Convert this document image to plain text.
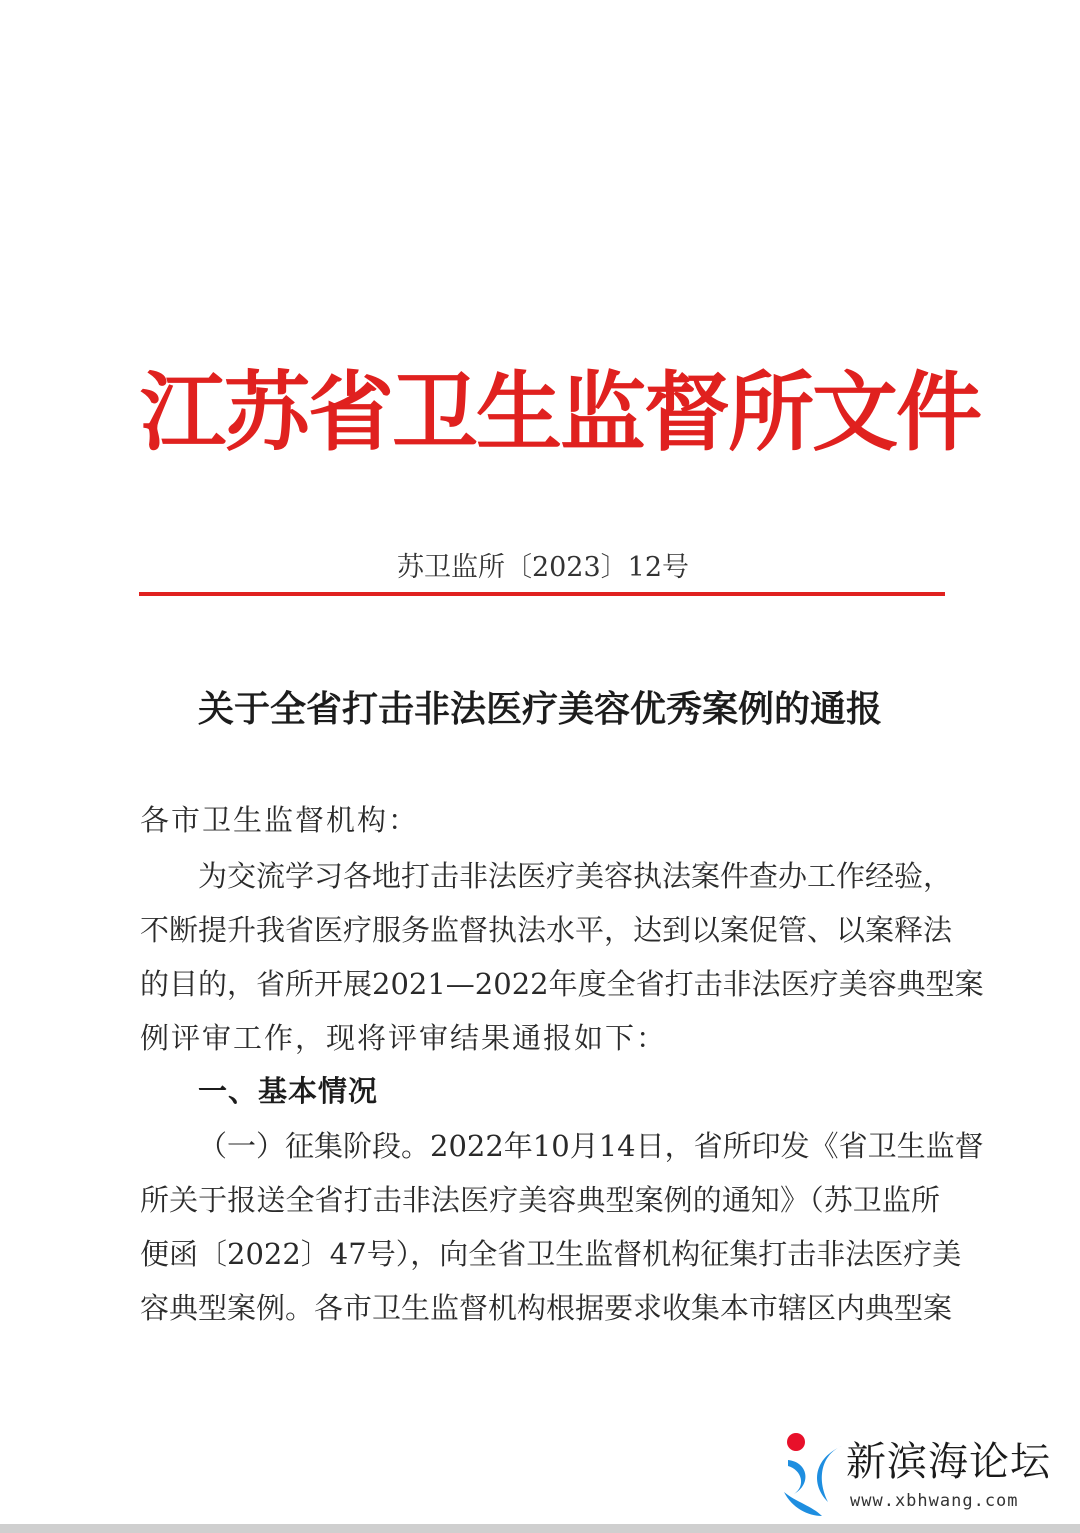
江苏省卫生监督所文件
苏卫监所〔2023〕12号
关于全省打击非法医疗美容优秀案例的通报
各市卫生监督机构：
为交流学习各地打击非法医疗美容执法案件查办工作经验，
不断提升我省医疗服务监督执法水平，达到以案促管、以案释法
的目的，省所开展2021—2022年度全省打击非法医疗美容典型案
例评审工作，现将评审结果通报如下：
一、基本情况
（一）征集阶段。2022年10月14日，省所印发《省卫生监督
所关于报送全省打击非法医疗美容典型案例的通知》（苏卫监所
便函〔2022〕47号），向全省卫生监督机构征集打击非法医疗美
容典型案例。各市卫生监督机构根据要求收集本市辖区内典型案
新滨海论坛
www.xbhwang.com
